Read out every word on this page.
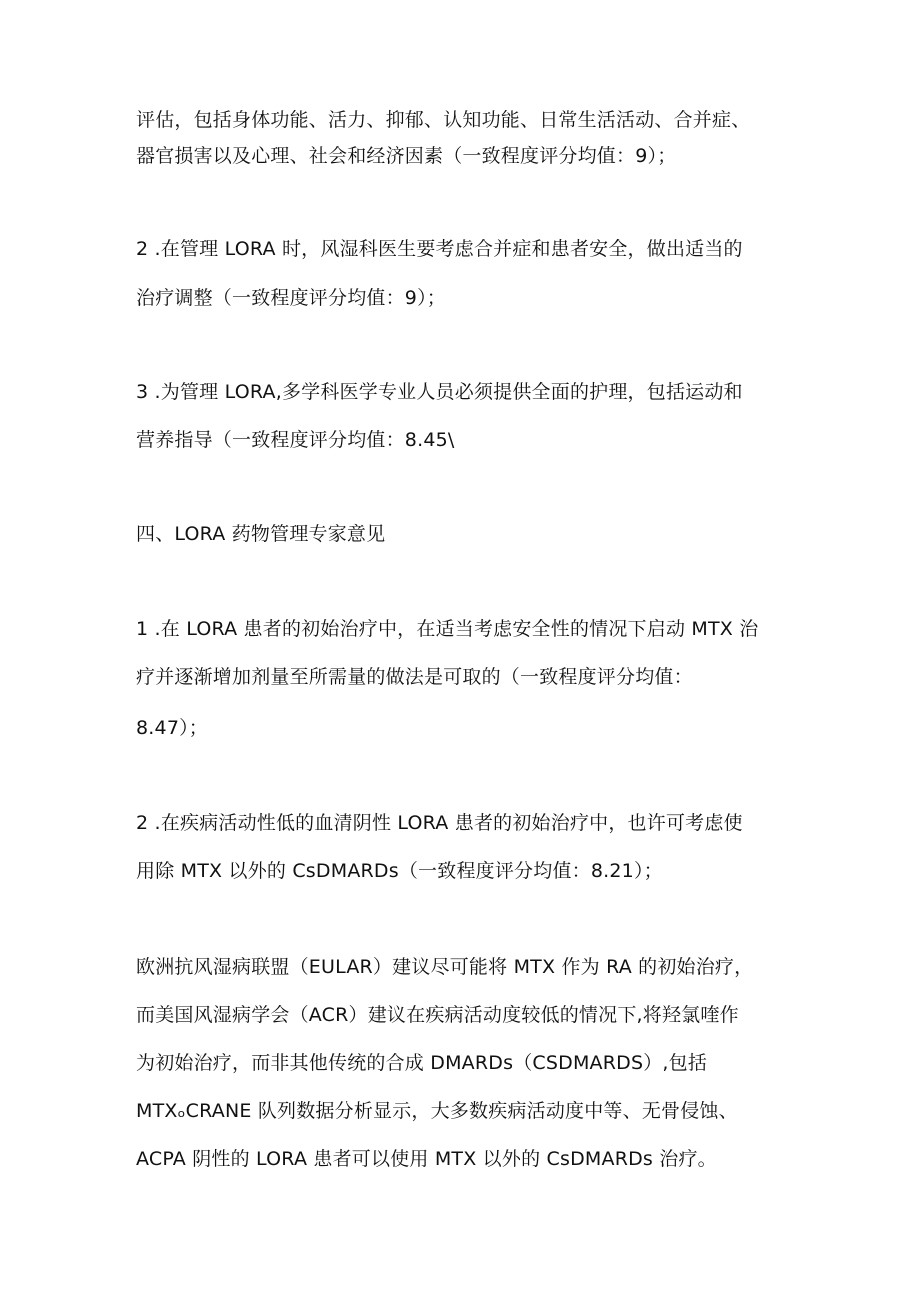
评估，包括身体功能、活力、抑郁、认知功能、日常生活活动、合并症、
器官损害以及心理、社会和经济因素（一致程度评分均值：9）；
2 .在管理 LORA 时，风湿科医生要考虑合并症和患者安全，做出适当的
治疗调整（一致程度评分均值：9）；
3 .为管理 LORA,多学科医学专业人员必须提供全面的护理，包括运动和
营养指导（一致程度评分均值：8.45\
四、LORA 药物管理专家意见
1 .在 LORA 患者的初始治疗中，在适当考虑安全性的情况下启动 MTX 治
疗并逐渐增加剂量至所需量的做法是可取的（一致程度评分均值：
8.47）；
2 .在疾病活动性低的血清阴性 LORA 患者的初始治疗中，也许可考虑使
用除 MTX 以外的 CsDMARDs（一致程度评分均值：8.21）；
欧洲抗风湿病联盟（EULAR）建议尽可能将 MTX 作为 RA 的初始治疗，
而美国风湿病学会（ACR）建议在疾病活动度较低的情况下,将羟氯喹作
为初始治疗，而非其他传统的合成 DMARDs（CSDMARDS）,包括
MTXₒCRANE 队列数据分析显示，大多数疾病活动度中等、无骨侵蚀、
ACPA 阴性的 LORA 患者可以使用 MTX 以外的 CsDMARDs 治疗。
